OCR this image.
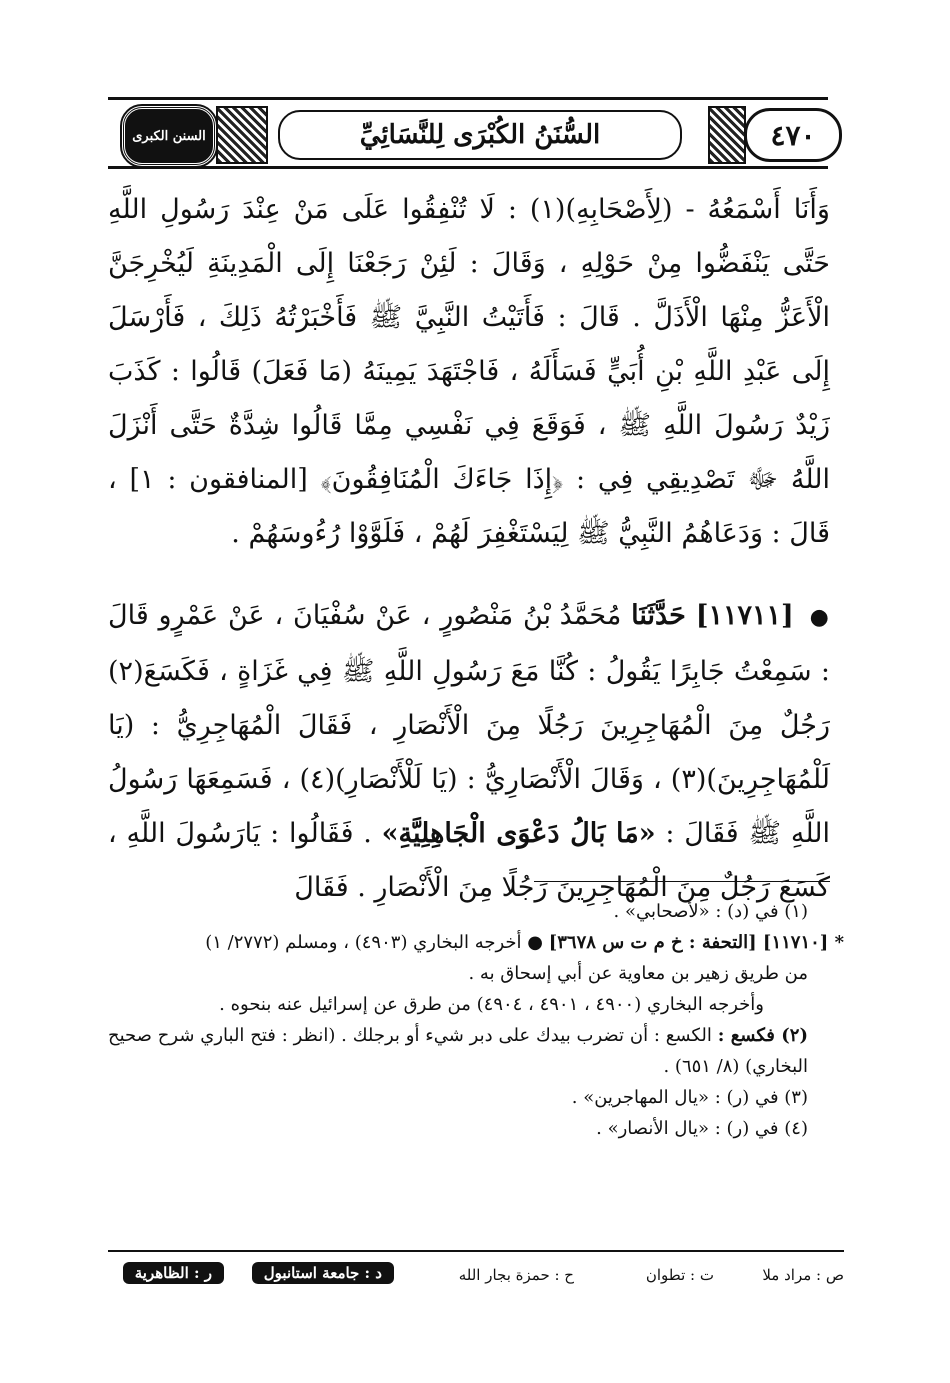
السنن الكبرى	السُّنَنُ الكُبْرَى لِلنَّسَائِيِّ	٤٧٠

وَأَنَا أَسْمَعُهُ - (لِأَصْحَابِهِ)(١) : لَا تُنْفِقُوا عَلَى مَنْ عِنْدَ رَسُولِ اللَّهِ حَتَّى يَنْفَضُّوا مِنْ حَوْلِهِ ، وَقَالَ : لَئِنْ رَجَعْنَا إِلَى الْمَدِينَةِ لَيُخْرِجَنَّ الْأَعَزُّ مِنْهَا الْأَذَلَّ . قَالَ : فَأَتَيْتُ النَّبِيَّ ﷺ فَأَخْبَرْتُهُ ذَلِكَ ، فَأَرْسَلَ إِلَى عَبْدِ اللَّهِ بْنِ أُبَيٍّ فَسَأَلَهُ ، فَاجْتَهَدَ يَمِينَهُ (مَا فَعَلَ) قَالُوا : كَذَبَ زَيْدٌ رَسُولَ اللَّهِ ﷺ ، فَوَقَعَ فِي نَفْسِي مِمَّا قَالُوا شِدَّةٌ حَتَّى أَنْزَلَ اللَّهُ ﷻ تَصْدِيقِي فِي : ﴿إِذَا جَاءَكَ الْمُنَافِقُونَ﴾ [المنافقون : ١] ، قَالَ : وَدَعَاهُمُ النَّبِيُّ ﷺ لِيَسْتَغْفِرَ لَهُمْ ، فَلَوَّوْا رُءُوسَهُمْ .

● [١١٧١١] حَدَّثَنَا مُحَمَّدُ بْنُ مَنْصُورٍ ، عَنْ سُفْيَانَ ، عَنْ عَمْرٍو قَالَ : سَمِعْتُ جَابِرًا يَقُولُ : كُنَّا مَعَ رَسُولِ اللَّهِ ﷺ فِي غَزَاةٍ ، فَكَسَعَ(٢) رَجُلٌ مِنَ الْمُهَاجِرِينَ رَجُلًا مِنَ الْأَنْصَارِ ، فَقَالَ الْمُهَاجِرِيُّ : (يَا لَلْمُهَاجِرِينَ)(٣) ، وَقَالَ الْأَنْصَارِيُّ : (يَا لَلْأَنْصَارِ)(٤) ، فَسَمِعَهَا رَسُولُ اللَّهِ ﷺ فَقَالَ : «مَا بَالُ دَعْوَى الْجَاهِلِيَّةِ» . فَقَالُوا : يَارَسُولَ اللَّهِ ، كَسَعَ رَجُلٌ مِنَ الْمُهَاجِرِينَ رَجُلًا مِنَ الْأَنْصَارِ . فَقَالَ

(١) في (د) : «لأصحابي» .

* [١١٧١٠] [التحفة : خ م ت س ٣٦٧٨] ● أخرجه البخاري (٤٩٠٣) ، ومسلم (٢٧٧٢/ ١)

من طريق زهير بن معاوية عن أبي إسحاق به .

وأخرجه البخاري (٤٩٠٠ ، ٤٩٠١ ، ٤٩٠٤) من طرق عن إسرائيل عنه بنحوه .

(٢) فكسع : الكسع : أن تضرب بيدك على دبر شيء أو برجلك . (انظر : فتح الباري شرح صحيح البخاري) (٨/ ٦٥١) .

(٣) في (ر) : «يال المهاجرين» .

(٤) في (ر) : «يال الأنصار» .

ص : مراد ملا
ت : تطوان
ح : حمزة بجار الله
د : جامعة استانبول
ر : الظاهرية
